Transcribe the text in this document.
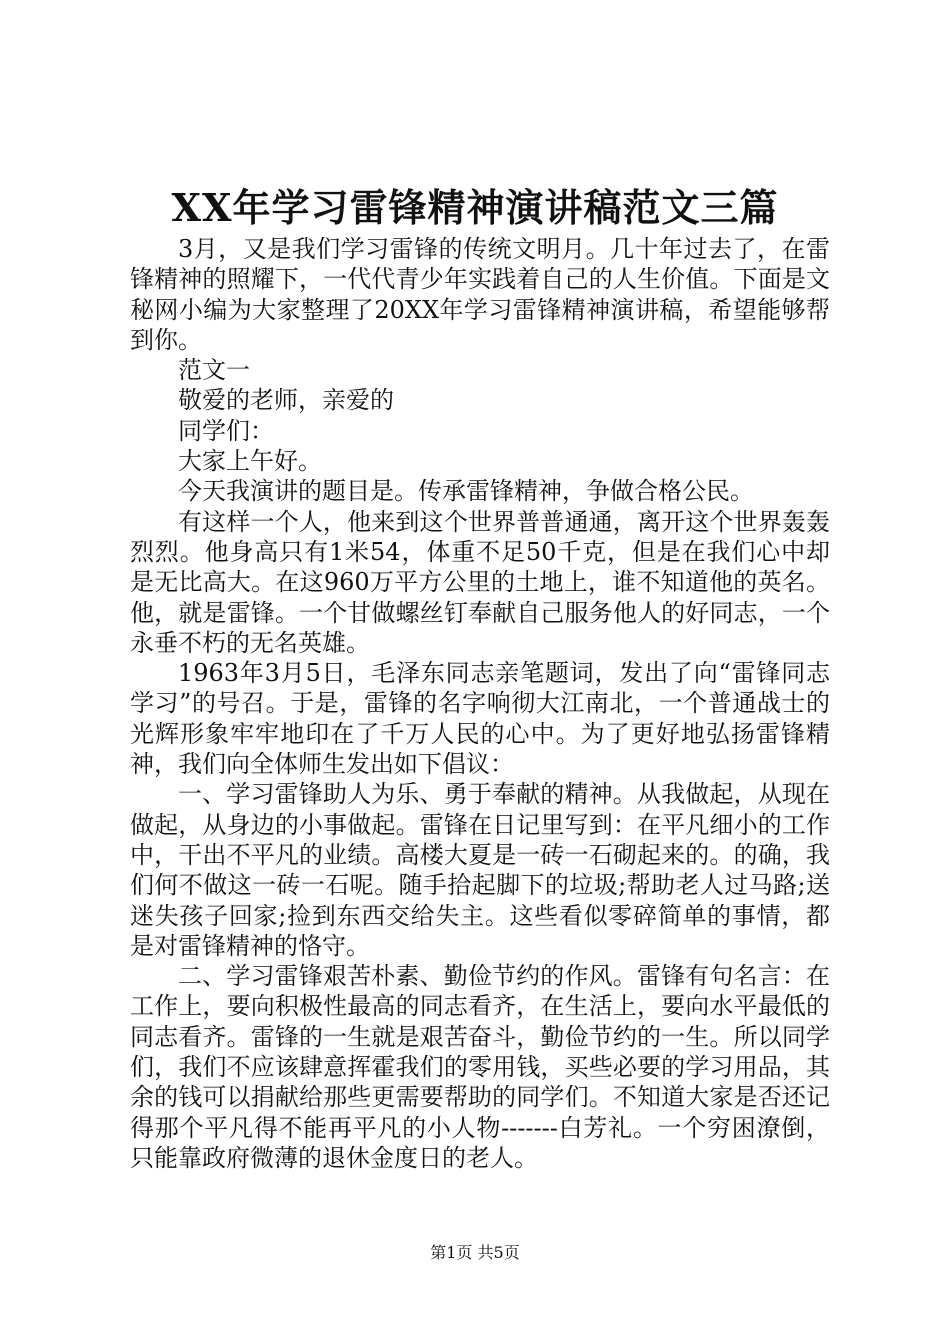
XX年学习雷锋精神演讲稿范文三篇

3月，又是我们学习雷锋的传统文明月。几十年过去了，在雷锋精神的照耀下，一代代青少年实践着自己的人生价值。下面是文秘网小编为大家整理了20XX年学习雷锋精神演讲稿，希望能够帮到你。

范文一

敬爱的老师，亲爱的

同学们：

大家上午好。

今天我演讲的题目是。传承雷锋精神，争做合格公民。

有这样一个人，他来到这个世界普普通通，离开这个世界轰轰烈烈。他身高只有1米54，体重不足50千克，但是在我们心中却是无比高大。在这960万平方公里的土地上，谁不知道他的英名。他，就是雷锋。一个甘做螺丝钉奉献自己服务他人的好同志，一个永垂不朽的无名英雄。

1963年3月5日，毛泽东同志亲笔题词，发出了向“雷锋同志学习”的号召。于是，雷锋的名字响彻大江南北，一个普通战士的光辉形象牢牢地印在了千万人民的心中。为了更好地弘扬雷锋精神，我们向全体师生发出如下倡议：

一、学习雷锋助人为乐、勇于奉献的精神。从我做起，从现在做起，从身边的小事做起。雷锋在日记里写到：在平凡细小的工作中，干出不平凡的业绩。高楼大夏是一砖一石砌起来的。的确，我们何不做这一砖一石呢。随手拾起脚下的垃圾;帮助老人过马路;送迷失孩子回家;捡到东西交给失主。这些看似零碎简单的事情，都是对雷锋精神的恪守。

二、学习雷锋艰苦朴素、勤俭节约的作风。雷锋有句名言：在工作上，要向积极性最高的同志看齐，在生活上，要向水平最低的同志看齐。雷锋的一生就是艰苦奋斗，勤俭节约的一生。所以同学们，我们不应该肆意挥霍我们的零用钱，买些必要的学习用品，其余的钱可以捐献给那些更需要帮助的同学们。不知道大家是否还记得那个平凡得不能再平凡的小人物-------白芳礼。一个穷困潦倒，只能靠政府微薄的退休金度日的老人。

第1页 共5页
